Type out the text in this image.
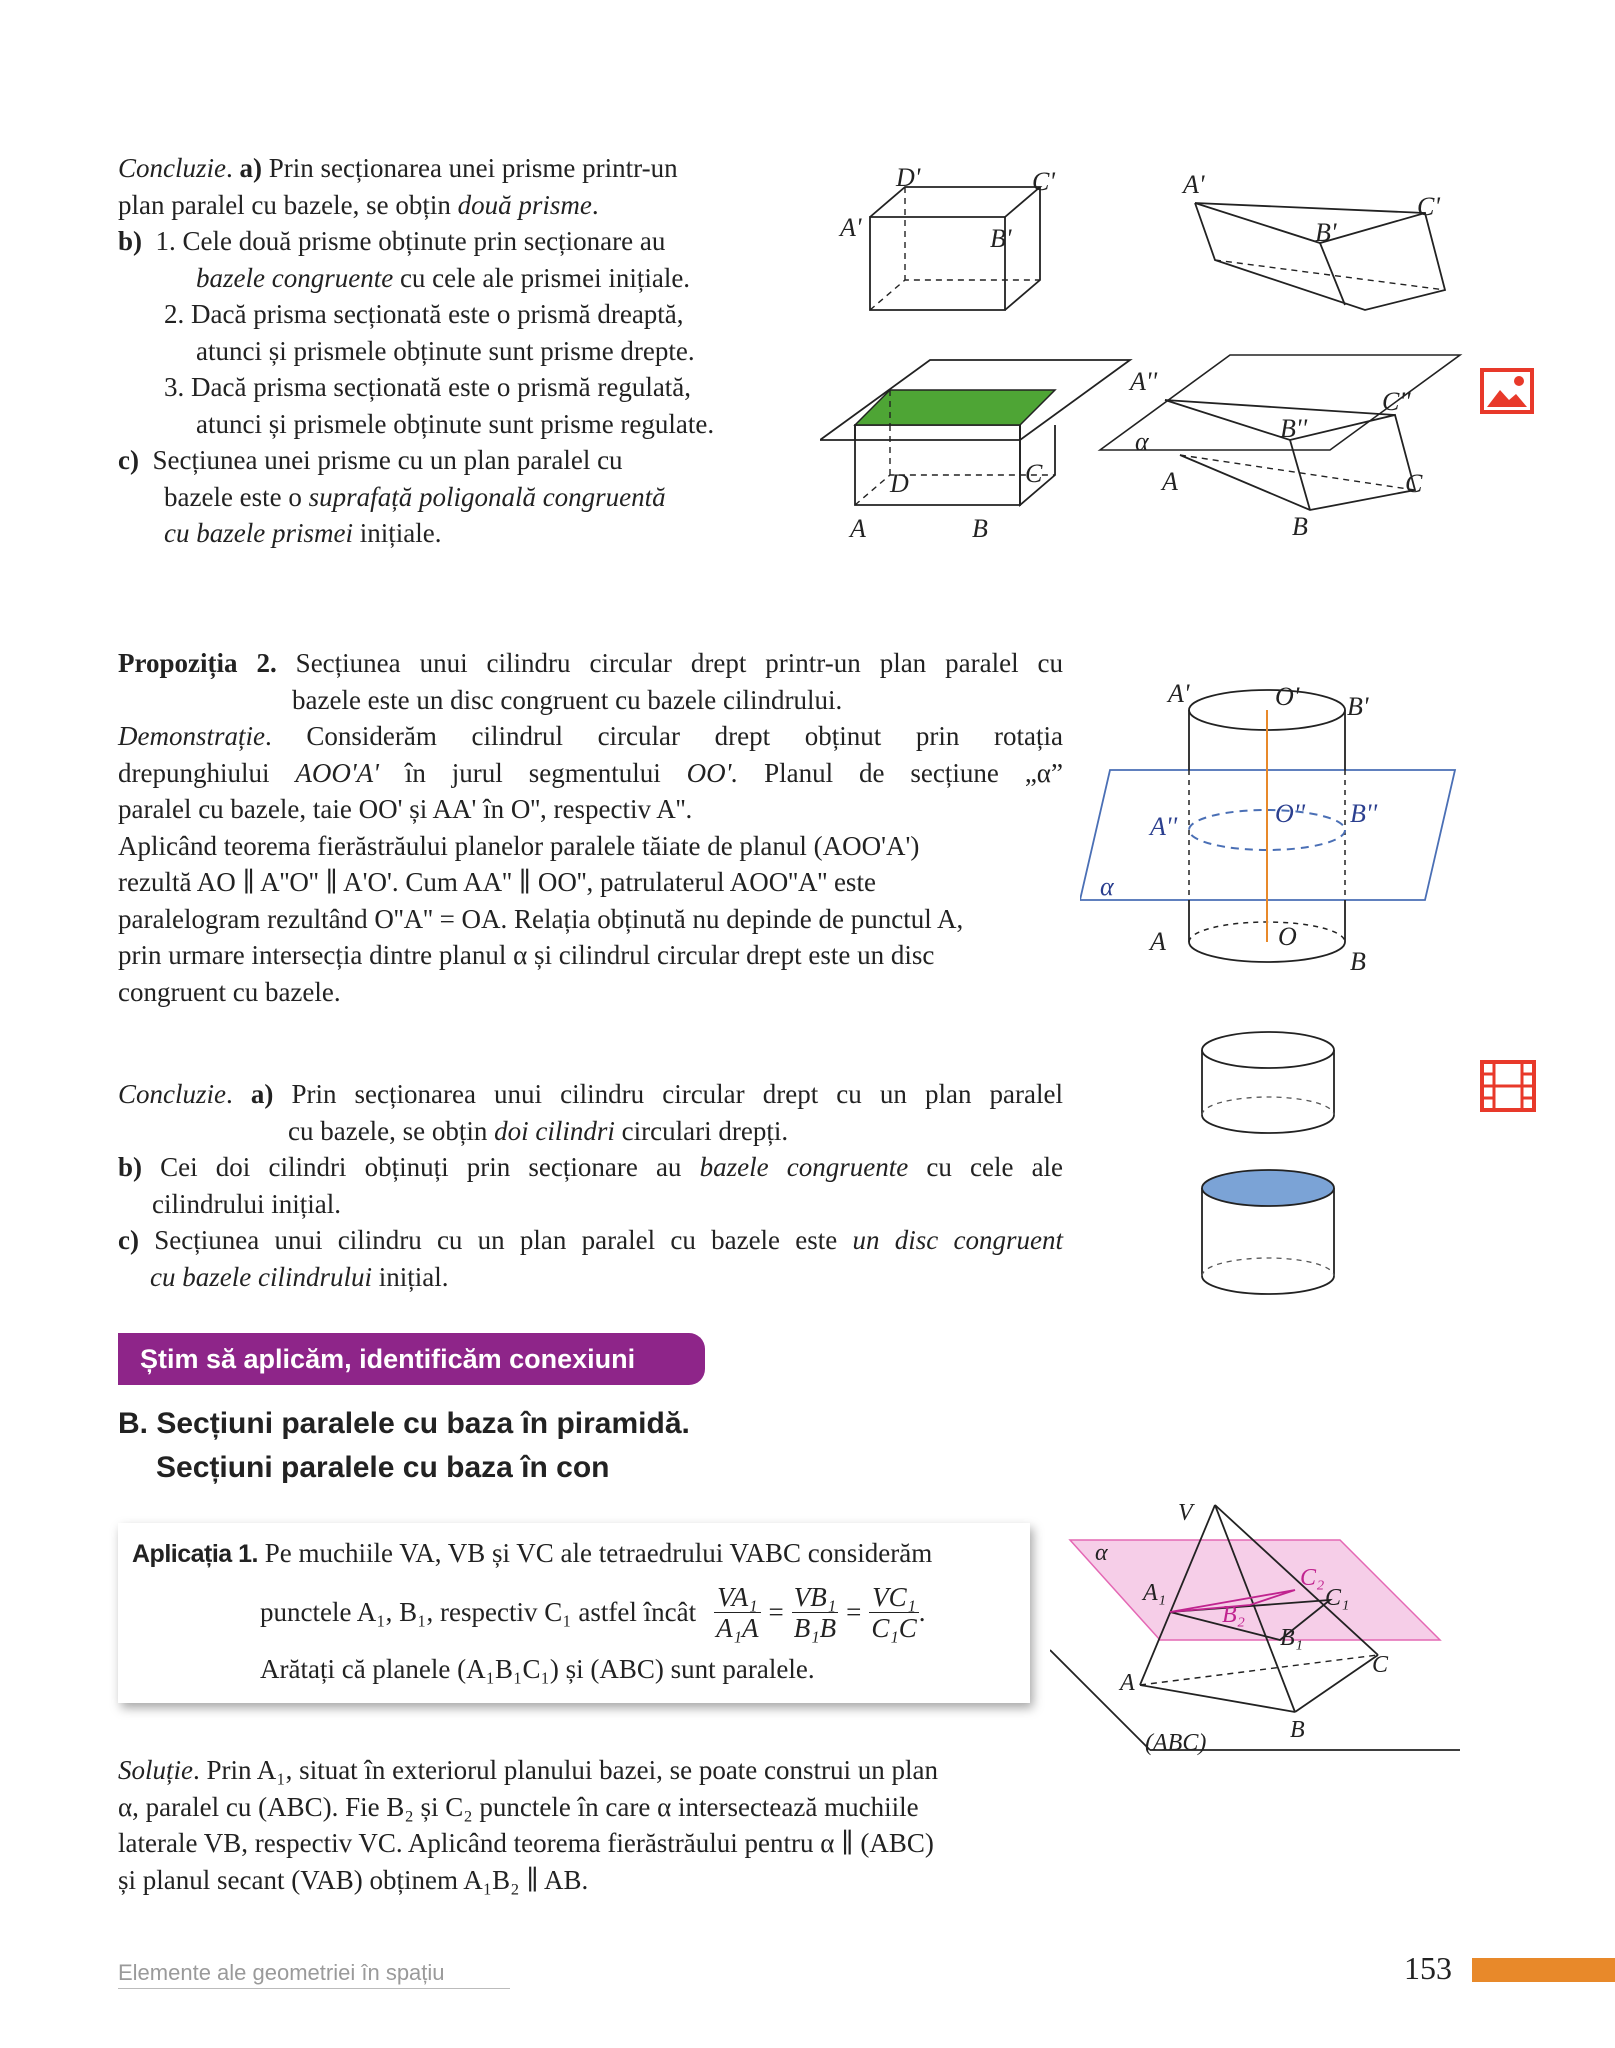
Concluzie. a) Prin secționarea unei prisme printr-un
plan paralel cu bazele, se obțin două prisme.
b) 1. Cele două prisme obținute prin secționare au
bazele congruente cu cele ale prismei inițiale.
2. Dacă prisma secționată este o prismă dreaptă,
atunci și prismele obținute sunt prisme drepte.
3. Dacă prisma secționată este o prismă regulată,
atunci și prismele obținute sunt prisme regulate.
c) Secțiunea unei prisme cu un plan paralel cu
bazele este o suprafață poligonală congruentă
cu bazele prismei inițiale.
D'	C'
A'	B'
D	C
A	B
A'
C'
B'
A''
C''
B''
α
A	C
B
Propoziția 2. Secțiunea unui cilindru circular drept printr-un plan paralel cu
bazele este un disc congruent cu bazele cilindrului.
Demonstrație. Considerăm cilindrul circular drept obținut prin rotația
drepunghiului AOO'A' în jurul segmentului OO'. Planul de secțiune „α”
paralel cu bazele, taie OO' și AA' în O'', respectiv A''.
Aplicând teorema fierăstrăului planelor paralele tăiate de planul (AOO'A')
rezultă AO ∥ A''O'' ∥ A'O'. Cum AA'' ∥ OO'', patrulaterul AOO''A'' este
paralelogram rezultând O''A'' = OA. Relația obținută nu depinde de punctul A,
prin urmare intersecția dintre planul α și cilindrul circular drept este un disc
congruent cu bazele.
A'	O' B'
A''	O'' B''
α
A	O
B
Concluzie. a) Prin secționarea unui cilindru circular drept cu un plan paralel
cu bazele, se obțin doi cilindri circulari drepți.
b) Cei doi cilindri obținuți prin secționare au bazele congruente cu cele ale
cilindrului inițial.
c) Secțiunea unui cilindru cu un plan paralel cu bazele este un disc congruent
cu bazele cilindrului inițial.
Știm să aplicăm, identificăm conexiuni
B. Secțiuni paralele cu baza în piramidă.
Secțiuni paralele cu baza în con
Aplicația 1. Pe muchiile VA, VB și VC ale tetraedrului VABC considerăm
punctele A₁, B₁, respectiv C₁ astfel încât $\frac{\text{VA₁}}{\text{A₁A}} = \frac{\text{VB₁}}{\text{B₁B}} = \frac{\text{VC₁}}{\text{C₁C}}$ .
Arătați că planele (A₁B₁C₁) și (ABC) sunt paralele.
V
α
A₁
C₂
C₁
B₂
B₁
C
A
B
(ABC)
Soluție. Prin A₁, situat în exteriorul planului bazei, se poate construi un plan
α, paralel cu (ABC). Fie B₂ și C₂ punctele în care α intersectează muchiile
laterale VB, respectiv VC. Aplicând teorema fierăstrăului pentru α ∥ (ABC)
și planul secant (VAB) obținem A₁B₂ ∥ AB.
Elemente ale geometriei în spațiu	153
